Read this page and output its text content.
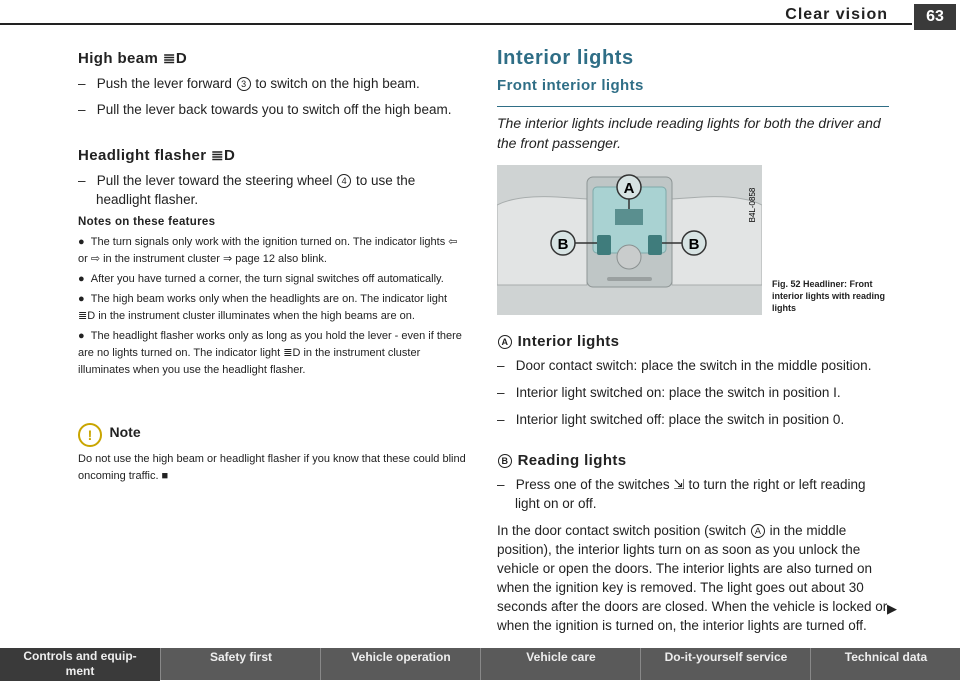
Clear vision	63
High beam ≣D
–   Push the lever forward 3 to switch on the high beam.
–   Pull the lever back towards you to switch off the high beam.
Headlight flasher ≣D
–   Pull the lever toward the steering wheel 4 to use the headlight flasher.
Notes on these features
●  The turn signals only work with the ignition turned on. The indicator lights ⇦ or ⇨ in the instrument cluster ⇒ page 12 also blink.
●  After you have turned a corner, the turn signal switches off automatically.
●  The high beam works only when the headlights are on. The indicator light ≣D in the instrument cluster illuminates when the high beams are on.
●  The headlight flasher works only as long as you hold the lever - even if there are no lights turned on. The indicator light ≣D in the instrument cluster illuminates when you use the headlight flasher.
! Note
Do not use the high beam or headlight flasher if you know that these could blind oncoming traffic. ■
Interior lights
Front interior lights
The interior lights include reading lights for both the driver and the front passenger.
A
B	B
B4L-0858
Fig. 52 Headliner: Front interior lights with reading lights
A Interior lights
–   Door contact switch: place the switch in the middle position.
–   Interior light switched on: place the switch in position I.
–   Interior light switched off: place the switch in position 0.
B Reading lights
–   Press one of the switches ⇲ to turn the right or left reading light on or off.
In the door contact switch position (switch A in the middle position), the interior lights turn on as soon as you unlock the vehicle or open the doors. The interior lights are also turned on when the ignition key is removed. The light goes out about 30 seconds after the doors are closed. When the vehicle is locked or when the ignition is turned on, the interior lights are turned off.
▶
Controls and equip-
ment
Safety first	Vehicle operation	Vehicle care	Do-it-yourself service	Technical data
